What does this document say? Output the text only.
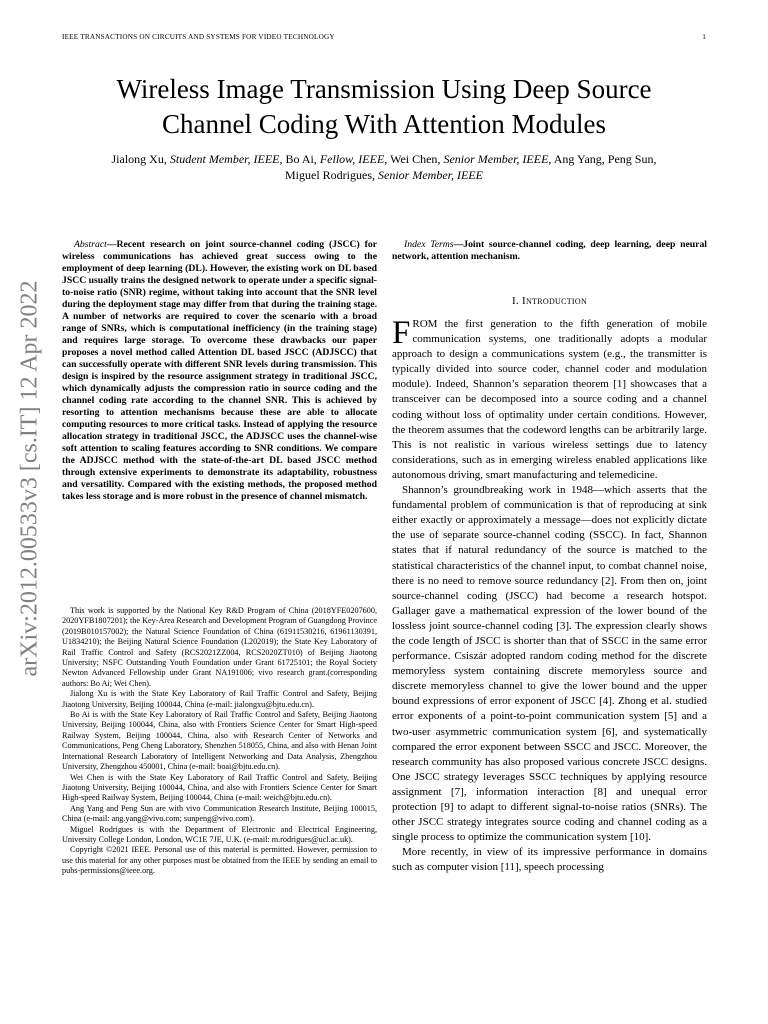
IEEE TRANSACTIONS ON CIRCUITS AND SYSTEMS FOR VIDEO TECHNOLOGY	1
arXiv:2012.00533v3 [cs.IT] 12 Apr 2022
Wireless Image Transmission Using Deep Source
Channel Coding With Attention Modules
Jialong Xu, Student Member, IEEE, Bo Ai, Fellow, IEEE, Wei Chen, Senior Member, IEEE, Ang Yang, Peng Sun,
Miguel Rodrigues, Senior Member, IEEE

Abstract—Recent research on joint source-channel coding (JSCC) for wireless communications has achieved great success owing to the employment of deep learning (DL). However, the existing work on DL based JSCC usually trains the designed network to operate under a specific signal-to-noise ratio (SNR) regime, without taking into account that the SNR level during the deployment stage may differ from that during the training stage. A number of networks are required to cover the scenario with a broad range of SNRs, which is computational inefficiency (in the training stage) and requires large storage. To overcome these drawbacks our paper proposes a novel method called Attention DL based JSCC (ADJSCC) that can successfully operate with different SNR levels during transmission. This design is inspired by the resource assignment strategy in traditional JSCC, which dynamically adjusts the compression ratio in source coding and the channel coding rate according to the channel SNR. This is achieved by resorting to attention mechanisms because these are able to allocate computing resources to more critical tasks. Instead of applying the resource allocation strategy in traditional JSCC, the ADJSCC uses the channel-wise soft attention to scaling features according to SNR conditions. We compare the ADJSCC method with the state-of-the-art DL based JSCC method through extensive experiments to demonstrate its adaptability, robustness and versatility. Compared with the existing methods, the proposed method takes less storage and is more robust in the presence of channel mismatch.

This work is supported by the National Key R&D Program of China (2018YFE0207600, 2020YFB1807201); the Key-Area Research and Development Program of Guangdong Province (2019B010157002); the Natural Science Foundation of China (61911530216, 61961130391, U1834210); the Beijing Natural Science Foundation (L202019); the State Key Laboratory of Rail Traffic Control and Safety (RCS2021ZZ004, RCS2020ZT010) of Beijing Jiaotong University; NSFC Outstanding Youth Foundation under Grant 61725101; the Royal Society Newton Advanced Fellowship under Grant NA191006; vivo research grant.(corresponding authors: Bo Ai; Wei Chen).

Jialong Xu is with the State Key Laboratory of Rail Traffic Control and Safety, Beijing Jiaotong University, Beijing 100044, China (e-mail: jialongxu@bjtu.edu.cn).

Bo Ai is with the State Key Laboratory of Rail Traffic Control and Safety, Beijing Jiaotong University, Beijing 100044, China, also with Frontiers Science Center for Smart High-speed Railway System, Beijing 100044, China, also with Research Center of Networks and Communications, Peng Cheng Laboratory, Shenzhen 518055, China, and also with Henan Joint International Research Laboratory of Intelligent Networking and Data Analysis, Zhengzhou University, Zhengzhou 450001, China (e-mail: boai@bjtu.edu.cn).

Wei Chen is with the State Key Laboratory of Rail Traffic Control and Safety, Beijing Jiaotong University, Beijing 100044, China, and also with Frontiers Science Center for Smart High-speed Railway System, Beijing 100044, China (e-mail: weich@bjtu.edu.cn).

Ang Yang and Peng Sun are with vivo Communication Research Institute, Beijing 100015, China (e-mail: ang.yang@vivo.com; sunpeng@vivo.com).

Miguel Rodrigues is with the Department of Electronic and Electrical Engineering, University College London, London, WC1E 7JE, U.K. (e-mail: m.rodrigues@ucl.ac.uk).

Copyright ©2021 IEEE. Personal use of this material is permitted. However, permission to use this material for any other purposes must be obtained from the IEEE by sending an email to pubs-permissions@ieee.org.

Index Terms—Joint source-channel coding, deep learning, deep neural network, attention mechanism.

I. Introduction

FROM the first generation to the fifth generation of mobile communication systems, one traditionally adopts a modular approach to design a communications system (e.g., the transmitter is typically divided into source coder, channel coder and modulation module). Indeed, Shannon’s separation theorem [1] showcases that a transceiver can be decomposed into a source coding and a channel coding without loss of optimality under certain conditions. However, the theorem assumes that the codeword lengths can be arbitrarily large. This is not realistic in various wireless settings due to latency considerations, such as in emerging wireless enabled applications like autonomous driving, smart manufacturing and telemedicine.

Shannon’s groundbreaking work in 1948—which asserts that the fundamental problem of communication is that of reproducing at sink either exactly or approximately a message—does not explicitly dictate the use of separate source-channel coding (SSCC). In fact, Shannon states that if natural redundancy of the source is matched to the statistical characteristics of the channel input, to combat channel noise, there is no need to remove source redundancy [2]. From then on, joint source-channel coding (JSCC) had become a research hotspot. Gallager gave a mathematical expression of the lower bound of the lossless joint source-channel coding [3]. The expression clearly shows the code length of JSCC is shorter than that of SSCC in the same error performance. Csiszár adopted random coding method for the discrete memoryless system containing discrete memoryless source and discrete memoryless channel to give the lower bound and the upper bound expressions of error exponent of JSCC [4]. Zhong et al. studied error exponents of a point-to-point communication system [5] and a two-user asymmetric communication system [6], and systematically compared the error exponent between SSCC and JSCC. Moreover, the research community has also proposed various concrete JSCC designs. One JSCC strategy leverages SSCC techniques by applying resource assignment [7], information interaction [8] and unequal error protection [9] to adapt to different signal-to-noise ratios (SNRs). The other JSCC strategy integrates source coding and channel coding as a single process to optimize the communication system [10].

More recently, in view of its impressive performance in domains such as computer vision [11], speech processing
